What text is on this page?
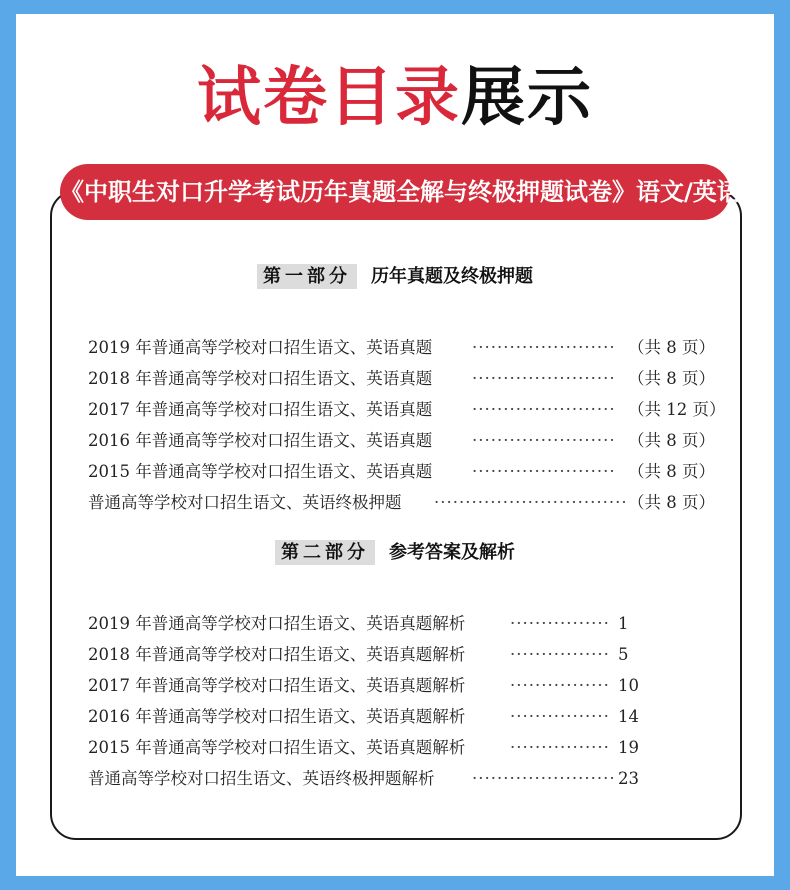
试卷目录展示
《中职生对口升学考试历年真题全解与终极押题试卷》语文/英语
第一部分 历年真题及终极押题
2019 年普通高等学校对口招生语文、英语真题 ······················· （共 8 页）
2018 年普通高等学校对口招生语文、英语真题 ······················· （共 8 页）
2017 年普通高等学校对口招生语文、英语真题 ······················· （共 12 页）
2016 年普通高等学校对口招生语文、英语真题 ······················· （共 8 页）
2015 年普通高等学校对口招生语文、英语真题 ······················· （共 8 页）
普通高等学校对口招生语文、英语终极押题 ······························· （共 8 页）
第二部分 参考答案及解析
2019 年普通高等学校对口招生语文、英语真题解析	················ 1
2018 年普通高等学校对口招生语文、英语真题解析	················ 5
2017 年普通高等学校对口招生语文、英语真题解析	················ 10
2016 年普通高等学校对口招生语文、英语真题解析	················ 14
2015 年普通高等学校对口招生语文、英语真题解析	················ 19
普通高等学校对口招生语文、英语终极押题解析 ······················· 23
